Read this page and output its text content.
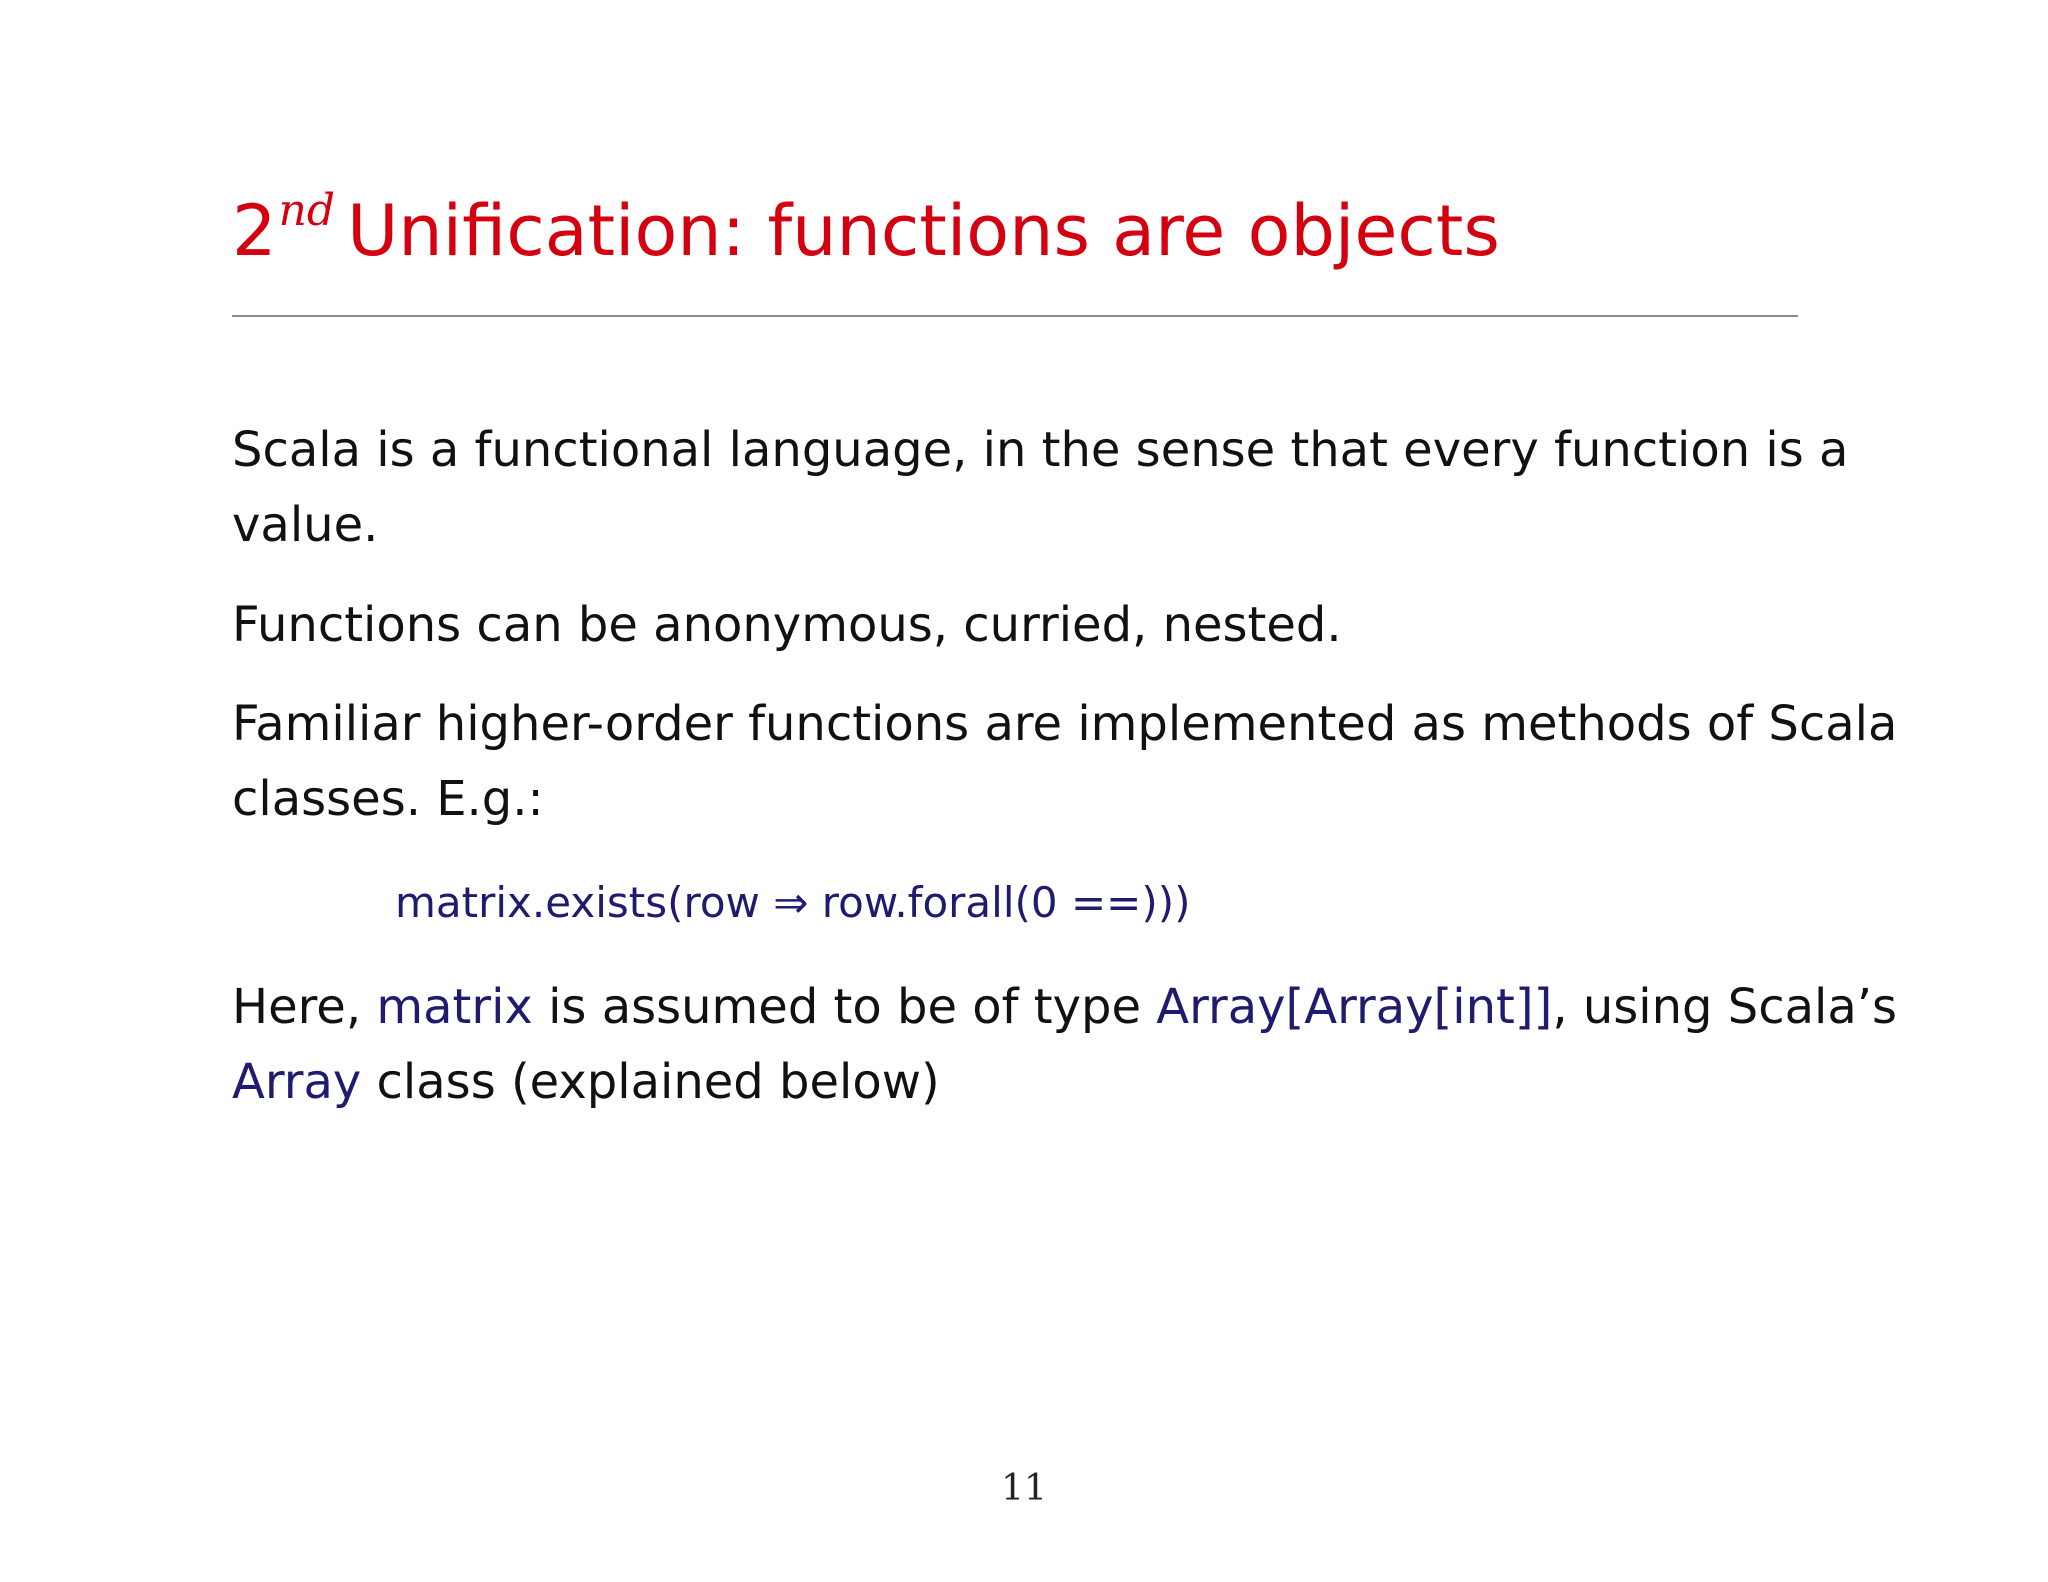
2nd Unification: functions are objects
Scala is a functional language, in the sense that every function is a
value.
Functions can be anonymous, curried, nested.
Familiar higher-order functions are implemented as methods of Scala
classes. E.g.:
matrix.exists(row ⇒ row.forall(0 ==)))
Here, matrix is assumed to be of type Array[Array[int]], using Scala’s
Array class (explained below)
11
